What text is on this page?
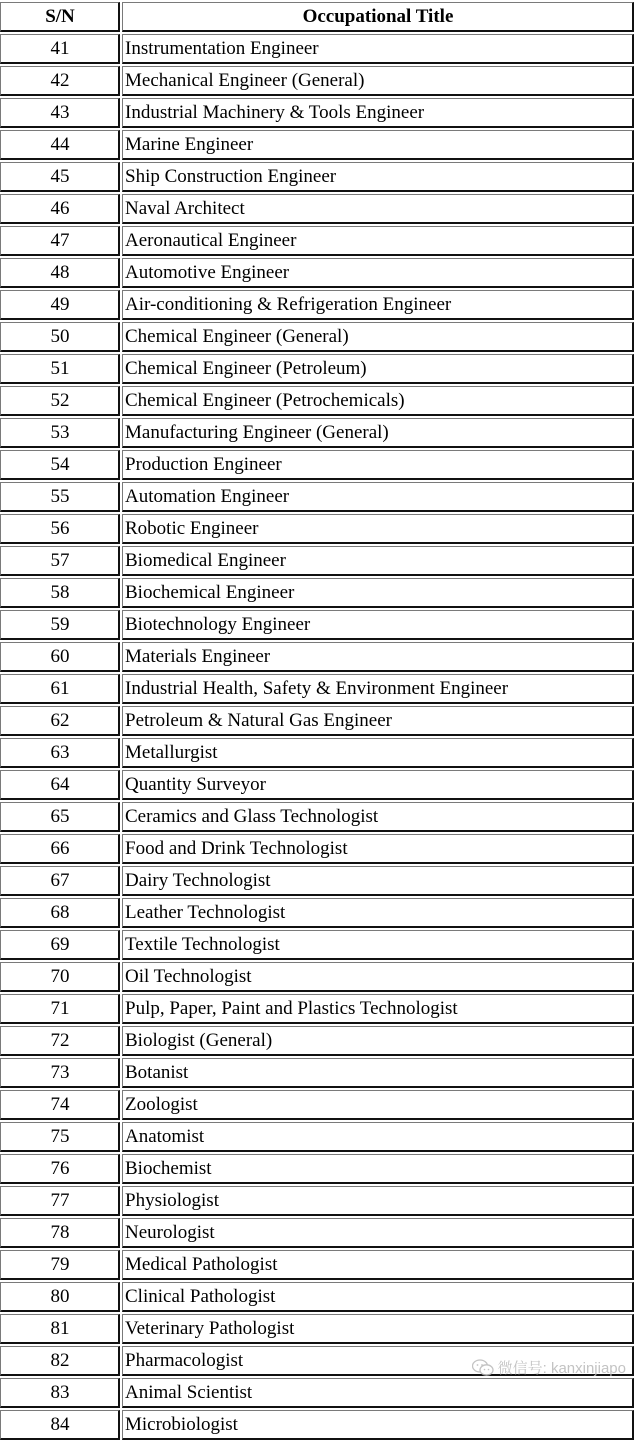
S/N	Occupational Title
41	Instrumentation Engineer
42	Mechanical Engineer (General)
43	Industrial Machinery & Tools Engineer
44	Marine Engineer
45	Ship Construction Engineer
46	Naval Architect
47	Aeronautical Engineer
48	Automotive Engineer
49	Air-conditioning & Refrigeration Engineer
50	Chemical Engineer (General)
51	Chemical Engineer (Petroleum)
52	Chemical Engineer (Petrochemicals)
53	Manufacturing Engineer (General)
54	Production Engineer
55	Automation Engineer
56	Robotic Engineer
57	Biomedical Engineer
58	Biochemical Engineer
59	Biotechnology Engineer
60	Materials Engineer
61	Industrial Health, Safety & Environment Engineer
62	Petroleum & Natural Gas Engineer
63	Metallurgist
64	Quantity Surveyor
65	Ceramics and Glass Technologist
66	Food and Drink Technologist
67	Dairy Technologist
68	Leather Technologist
69	Textile Technologist
70	Oil Technologist
71	Pulp, Paper, Paint and Plastics Technologist
72	Biologist (General)
73	Botanist
74	Zoologist
75	Anatomist
76	Biochemist
77	Physiologist
78	Neurologist
79	Medical Pathologist
80	Clinical Pathologist
81	Veterinary Pathologist
82	Pharmacologist
83	Animal Scientist
84	Microbiologist
微信号: kanxinjiapo
